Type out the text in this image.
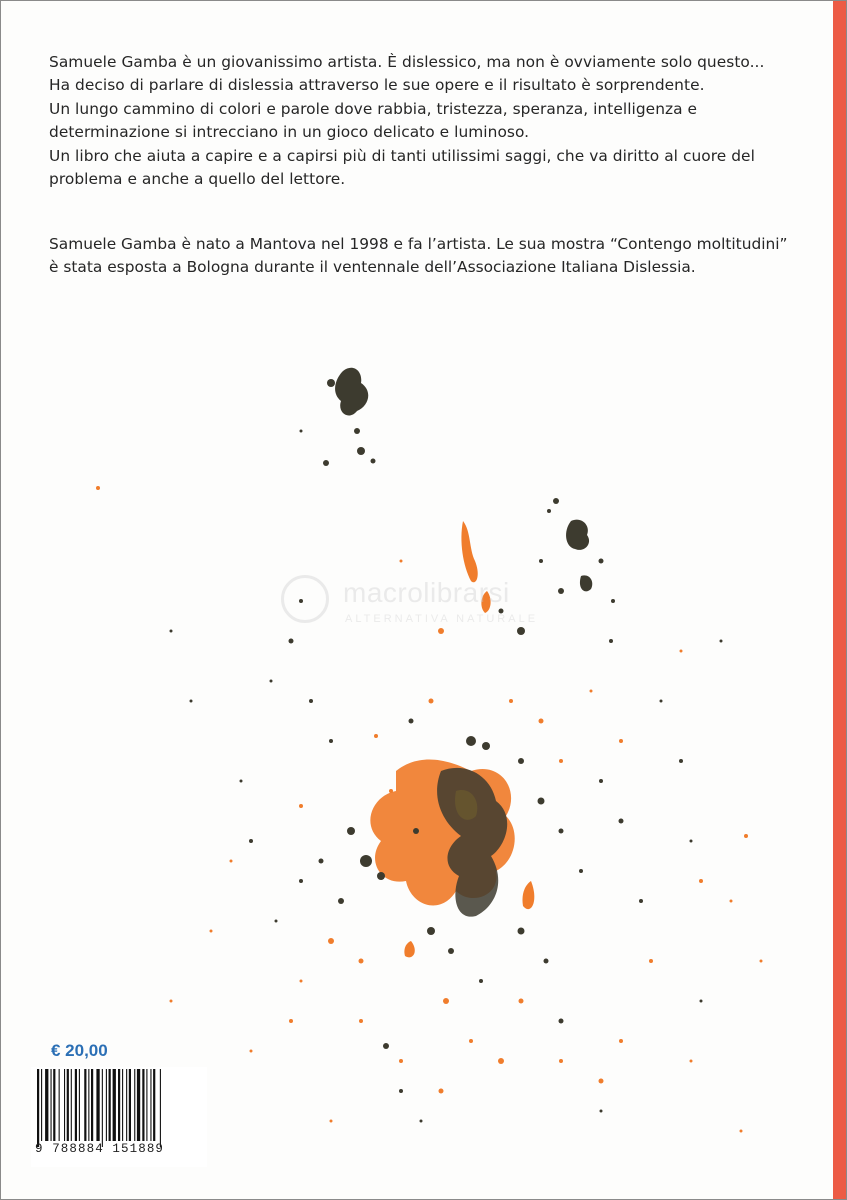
Samuele Gamba è un giovanissimo artista. È dislessico, ma non è ovviamente solo questo...

Ha deciso di parlare di dislessia attraverso le sue opere e il risultato è sorprendente.

Un lungo cammino di colori e parole dove rabbia, tristezza, speranza, intelligenza e

determinazione si intrecciano in un gioco delicato e luminoso.

Un libro che aiuta a capire e a capirsi più di tanti utilissimi saggi, che va diritto al cuore del

problema e anche a quello del lettore.

Samuele Gamba è nato a Mantova nel 1998 e fa l’artista. Le sua mostra “Contengo moltitudini”

è stata esposta a Bologna durante il ventennale dell’Associazione Italiana Dislessia.

macrolibrarsi
ALTERNATIVA NATURALE
€ 20,00
9 788884 151889
